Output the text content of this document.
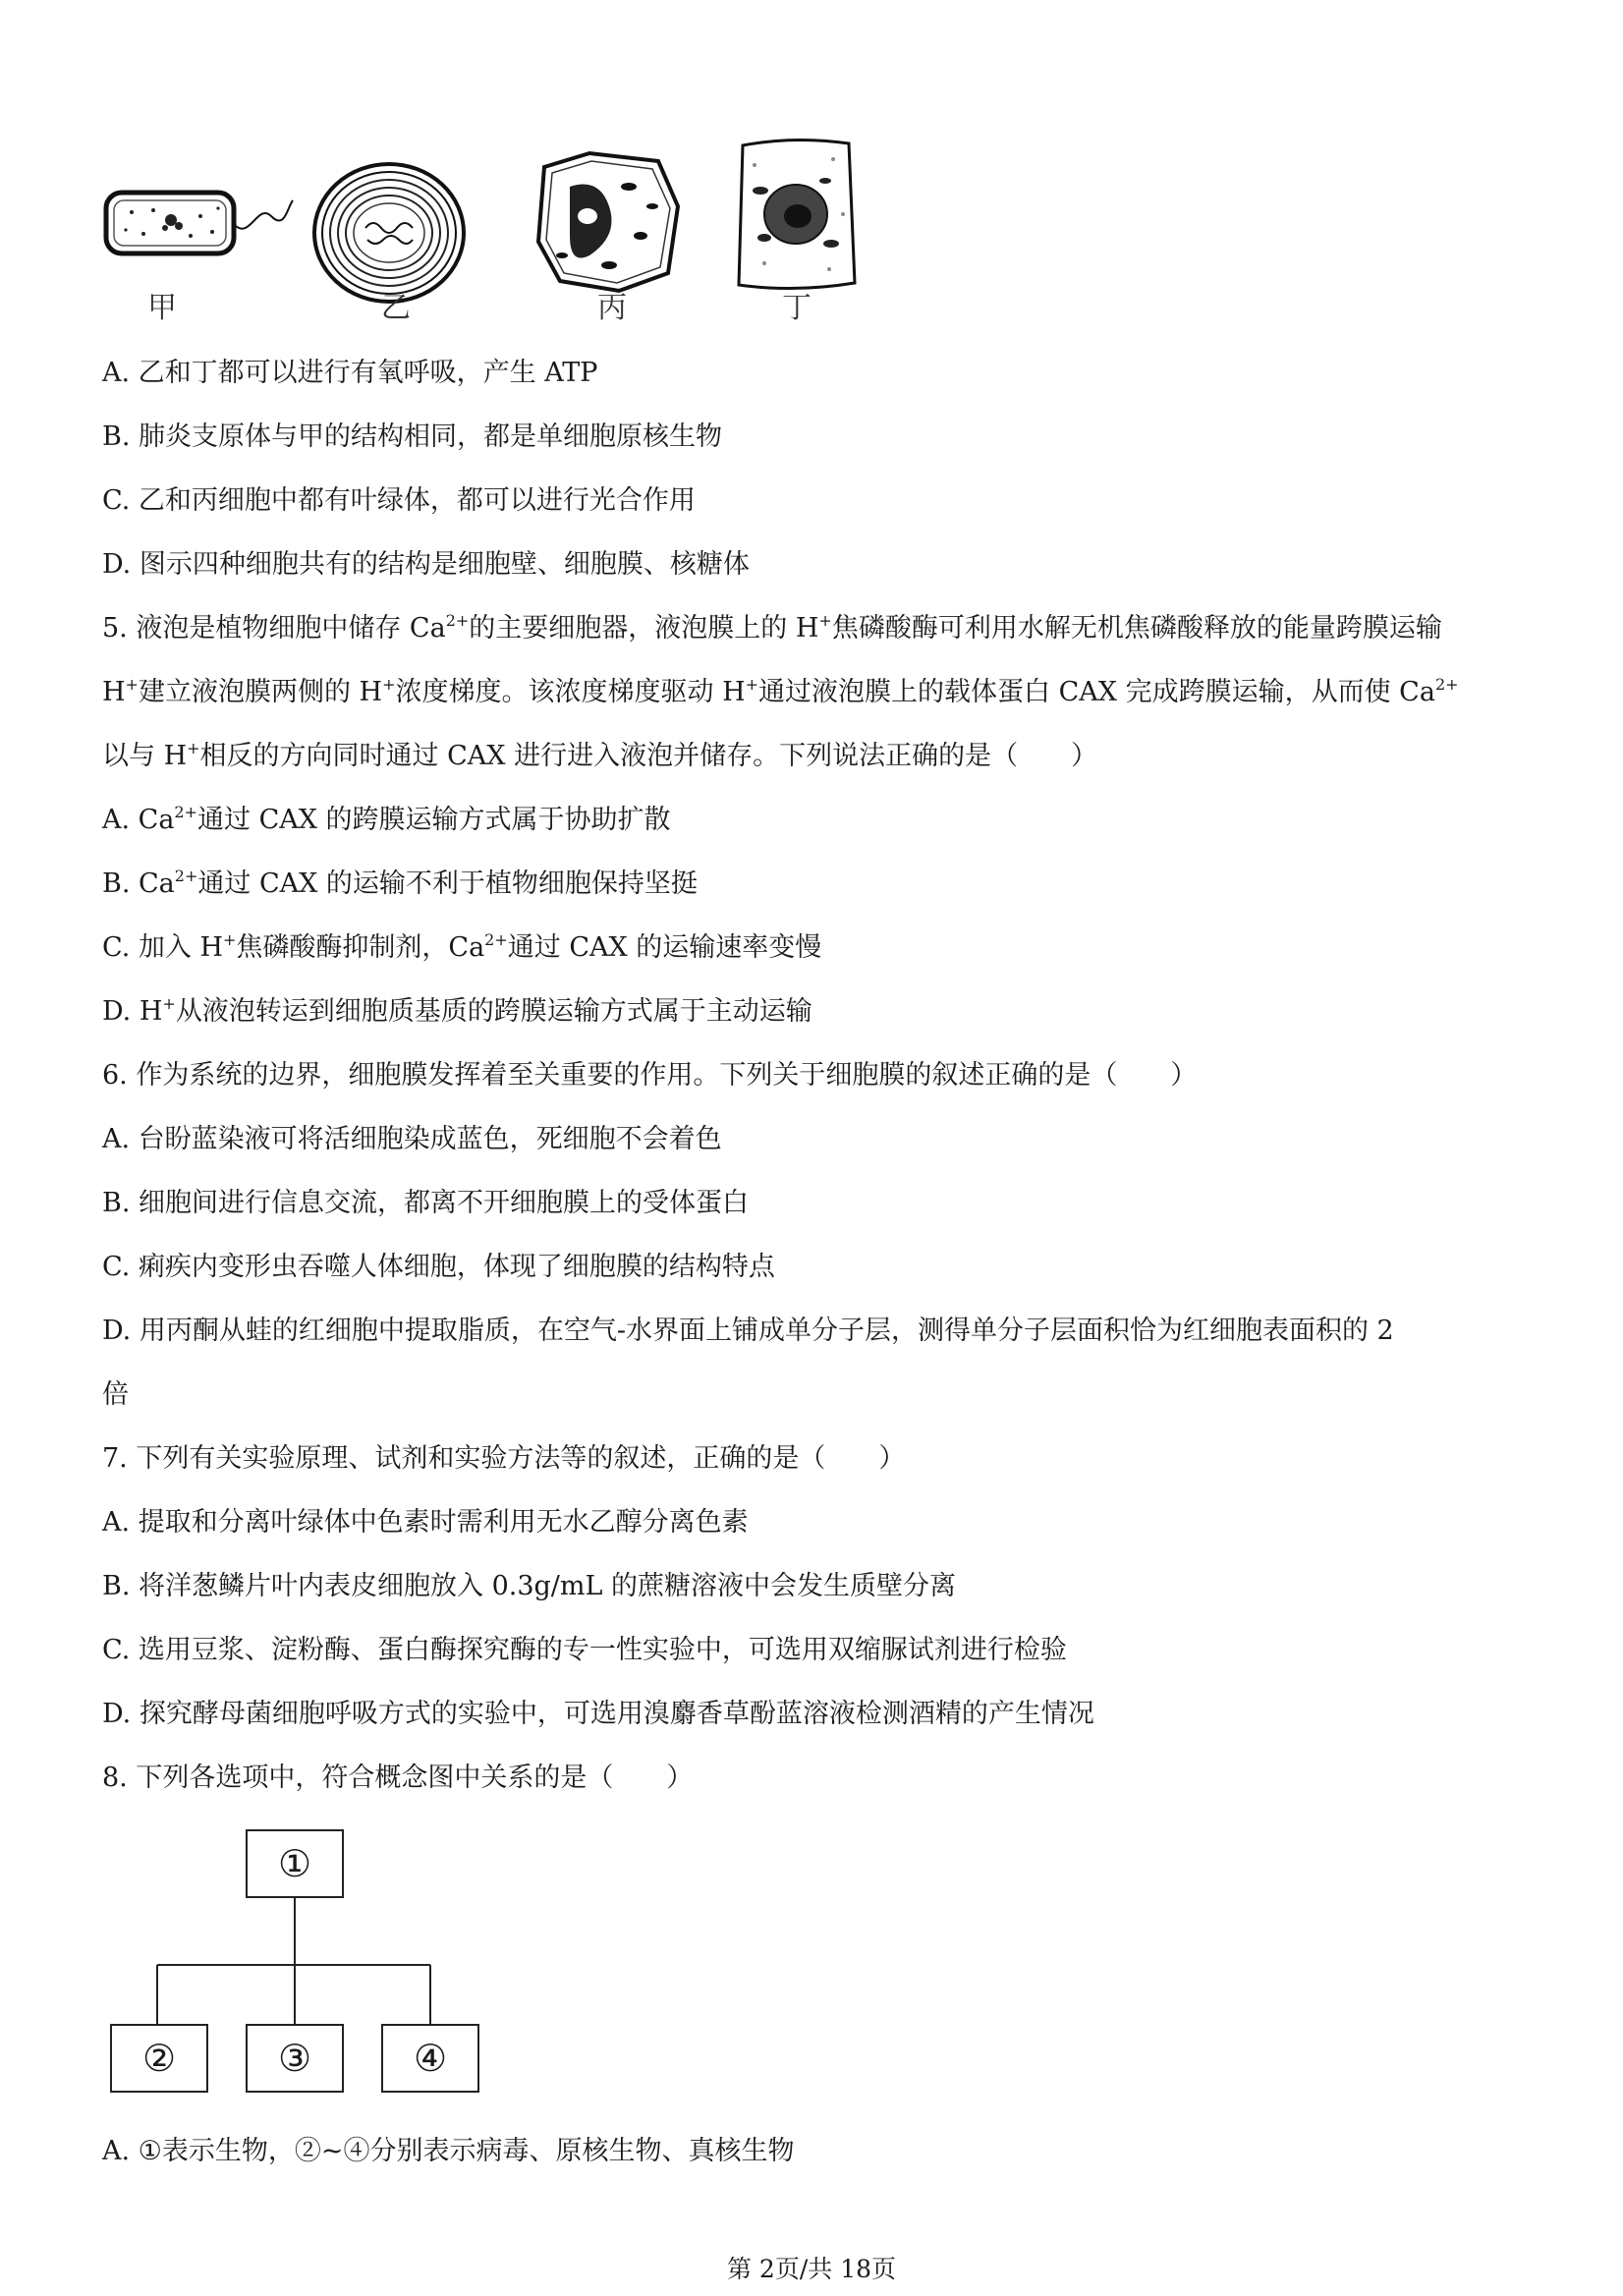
甲	乙	丙	丁
A. 乙和丁都可以进行有氧呼吸，产生 ATP
B. 肺炎支原体与甲的结构相同，都是单细胞原核生物
C. 乙和丙细胞中都有叶绿体，都可以进行光合作用
D. 图示四种细胞共有的结构是细胞壁、细胞膜、核糖体
5. 液泡是植物细胞中储存 $Ca^{2+}$的主要细胞器，液泡膜上的 H+焦磷酸酶可利用水解无机焦磷酸释放的能量跨膜运输
H+建立液泡膜两侧的 H+浓度梯度。该浓度梯度驱动 H+通过液泡膜上的载体蛋白 CAX 完成跨膜运输，从而使 $Ca^{2+}$
以与 H+相反的方向同时通过 CAX 进行进入液泡并储存。下列说法正确的是（　　）
A. $Ca^{2+}$通过 CAX 的跨膜运输方式属于协助扩散
B. $Ca^{2+}$通过 CAX 的运输不利于植物细胞保持坚挺
C. 加入 H+焦磷酸酶抑制剂，$Ca^{2+}$通过 CAX 的运输速率变慢
D. H+从液泡转运到细胞质基质的跨膜运输方式属于主动运输
6. 作为系统的边界，细胞膜发挥着至关重要的作用。下列关于细胞膜的叙述正确的是（　　）
A. 台盼蓝染液可将活细胞染成蓝色，死细胞不会着色
B. 细胞间进行信息交流，都离不开细胞膜上的受体蛋白
C. 痢疾内变形虫吞噬人体细胞，体现了细胞膜的结构特点
D. 用丙酮从蛙的红细胞中提取脂质，在空气-水界面上铺成单分子层，测得单分子层面积恰为红细胞表面积的 2
倍
7. 下列有关实验原理、试剂和实验方法等的叙述，正确的是（　　）
A. 提取和分离叶绿体中色素时需利用无水乙醇分离色素
B. 将洋葱鳞片叶内表皮细胞放入 0.3g/mL 的蔗糖溶液中会发生质壁分离
C. 选用豆浆、淀粉酶、蛋白酶探究酶的专一性实验中，可选用双缩脲试剂进行检验
D. 探究酵母菌细胞呼吸方式的实验中，可选用溴麝香草酚蓝溶液检测酒精的产生情况
8. 下列各选项中，符合概念图中关系的是（　　）
①
②	③	④
A. ①表示生物，②~④分别表示病毒、原核生物、真核生物
第 2页/共 18页
